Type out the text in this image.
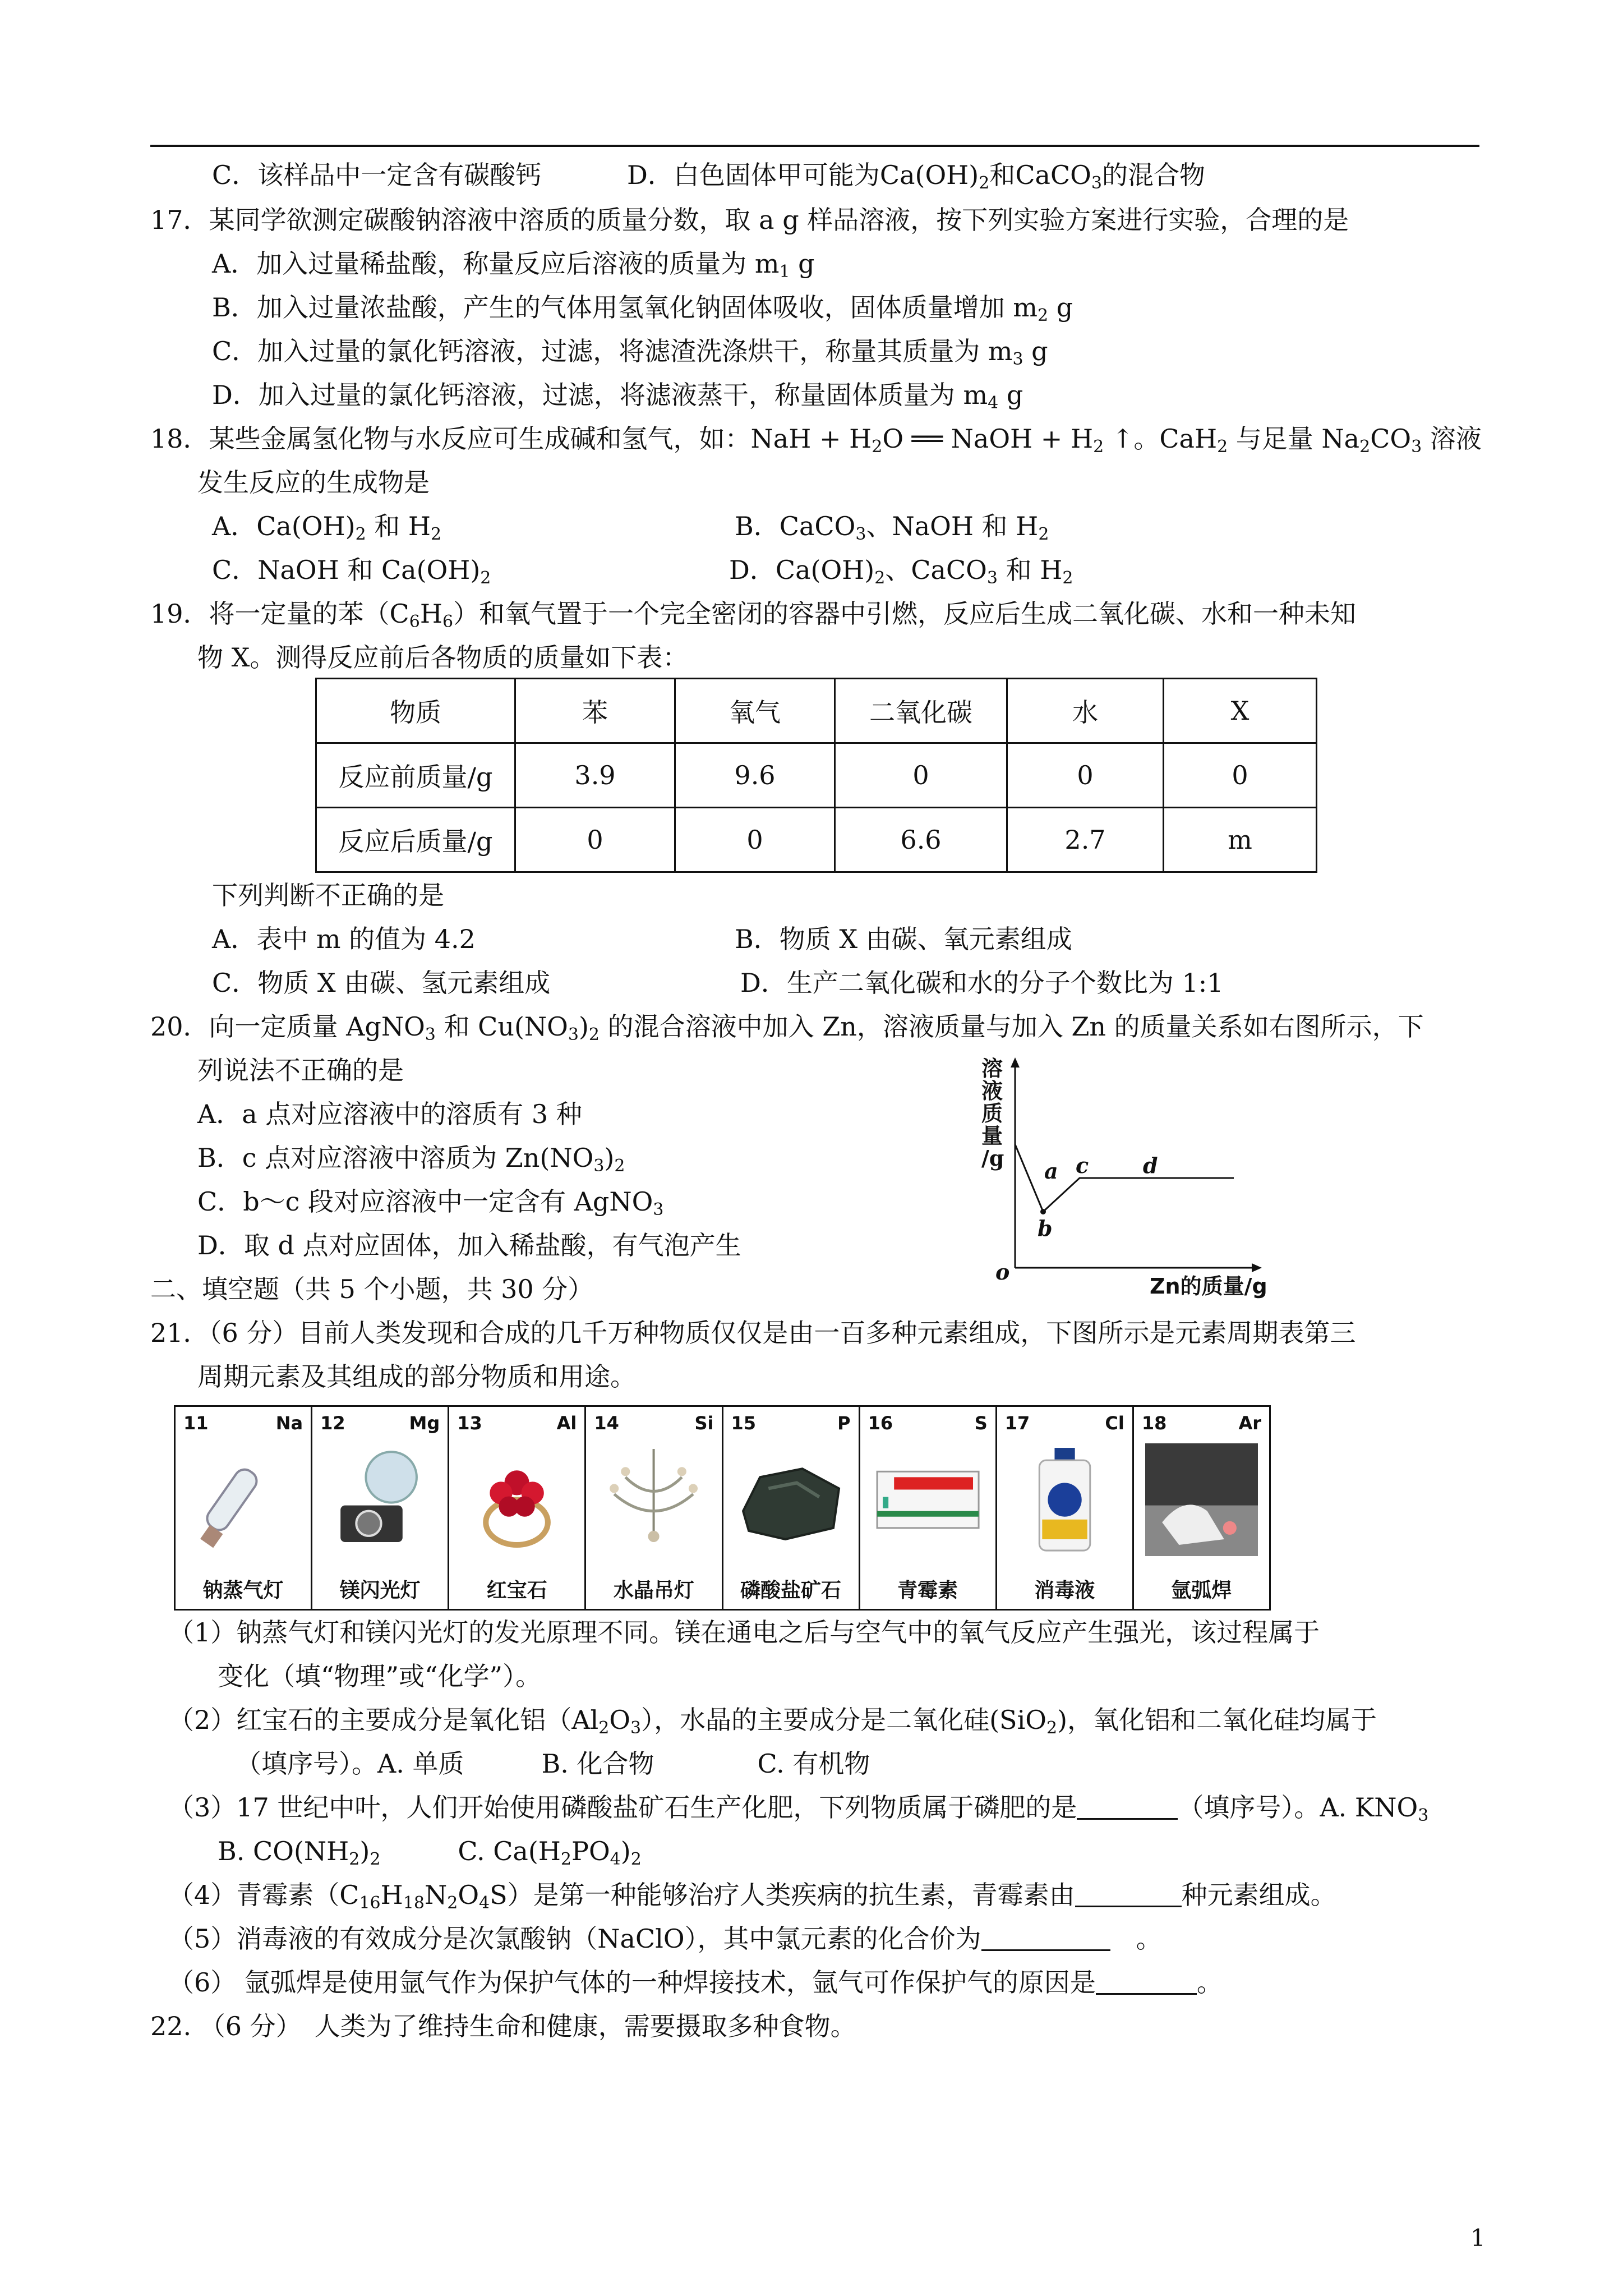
C．该样品中一定含有碳酸钙	D．白色固体甲可能为$Ca(OH)_2$和CaCO$_3$的混合物
17．某同学欲测定碳酸钠溶液中溶质的质量分数，取 a g 样品溶液，按下列实验方案进行实验，合理的是
A．加入过量稀盐酸，称量反应后溶液的质量为 $m_1$ g
B．加入过量浓盐酸，产生的气体用氢氧化钠固体吸收，固体质量增加 $m_2$ g
C．加入过量的氯化钙溶液，过滤，将滤渣洗涤烘干，称量其质量为 $m_3$ g
D．加入过量的氯化钙溶液，过滤，将滤液蒸干，称量固体质量为 $m_4$ g
18．某些金属氢化物与水反应可生成碱和氢气，如：NaH + $H_2O$ ══ NaOH + $H_2$ ↑。CaH$_2$ 与足量 $Na_2CO_3$ 溶液
发生反应的生成物是
A．$Ca(OH)_2$ 和 $H_2$	B．CaCO$_3$、NaOH 和 $H_2$
C．NaOH 和 $Ca(OH)_2$	D．$Ca(OH)_2$、CaCO$_3$ 和 $H_2$
19．将一定量的苯$(C_6H_6)$和氧气置于一个完全密闭的容器中引燃，反应后生成二氧化碳、水和一种未知
物 X。测得反应前后各物质的质量如下表：
物质	苯	氧气	二氧化碳	水	X
反应前质量/g	3.9	9.6	0	0	0
反应后质量/g	0	0	6.6	2.7	m
下列判断不正确的是
A．表中 m 的值为 4.2	B．物质 X 由碳、氧元素组成
C．物质 X 由碳、氢元素组成	D．生产二氧化碳和水的分子个数比为 1:1
20．向一定质量 AgNO$_3$ 和 $Cu(NO_3)_2$ 的混合溶液中加入 Zn，溶液质量与加入 Zn 的质量关系如右图所示，下
列说法不正确的是
A．a 点对应溶液中的溶质有 3 种
B．c 点对应溶液中溶质为 $Zn(NO_3)_2$
C．b～c 段对应溶液中一定含有 AgNO$_3$
D．取 d 点对应固体，加入稀盐酸，有气泡产生
溶
液
质
量
/g
o
a
b
c	d
Zn的质量/g
二、填空题（共 5 个小题，共 30 分）
21．（6 分）目前人类发现和合成的几千万种物质仅仅是由一百多种元素组成，下图所示是元素周期表第三
周期元素及其组成的部分物质和用途。
11	Na
钠蒸气灯
12	Mg
镁闪光灯
13	Al
红宝石
14	Si
水晶吊灯
15	P
磷酸盐矿石
16	S
青霉素
17	Cl
消毒液
18	Ar
氩弧焊
（1）钠蒸气灯和镁闪光灯的发光原理不同。镁在通电之后与空气中的氧气反应产生强光，该过程属于
变化（填“物理”或“化学”）。
（2）红宝石的主要成分是氧化铝$(Al_2O_3)$，水晶的主要成分是二氧化硅(SiO$_2$)，氧化铝和二氧化硅均属于
（填序号）。A. 单质　　　B. 化合物　　　　C. 有机物
（3）17 世纪中叶，人们开始使用磷酸盐矿石生产化肥，下列物质属于磷肥的是	（填序号）。A. $KNO_3$
B. $CO(NH_2)_2$　　　C. $Ca(H_2PO_4)_2$
（4）青霉素$(C_{16}H_{18}N_2O_4S)$是第一种能够治疗人类疾病的抗生素，青霉素由	种元素组成。
（5）消毒液的有效成分是次氯酸钠（NaClO），其中氯元素的化合价为	　。
（6） 氩弧焊是使用氩气作为保护气体的一种焊接技术，氩气可作保护气的原因是	。
22. （6 分）　人类为了维持生命和健康，需要摄取多种食物。
1
